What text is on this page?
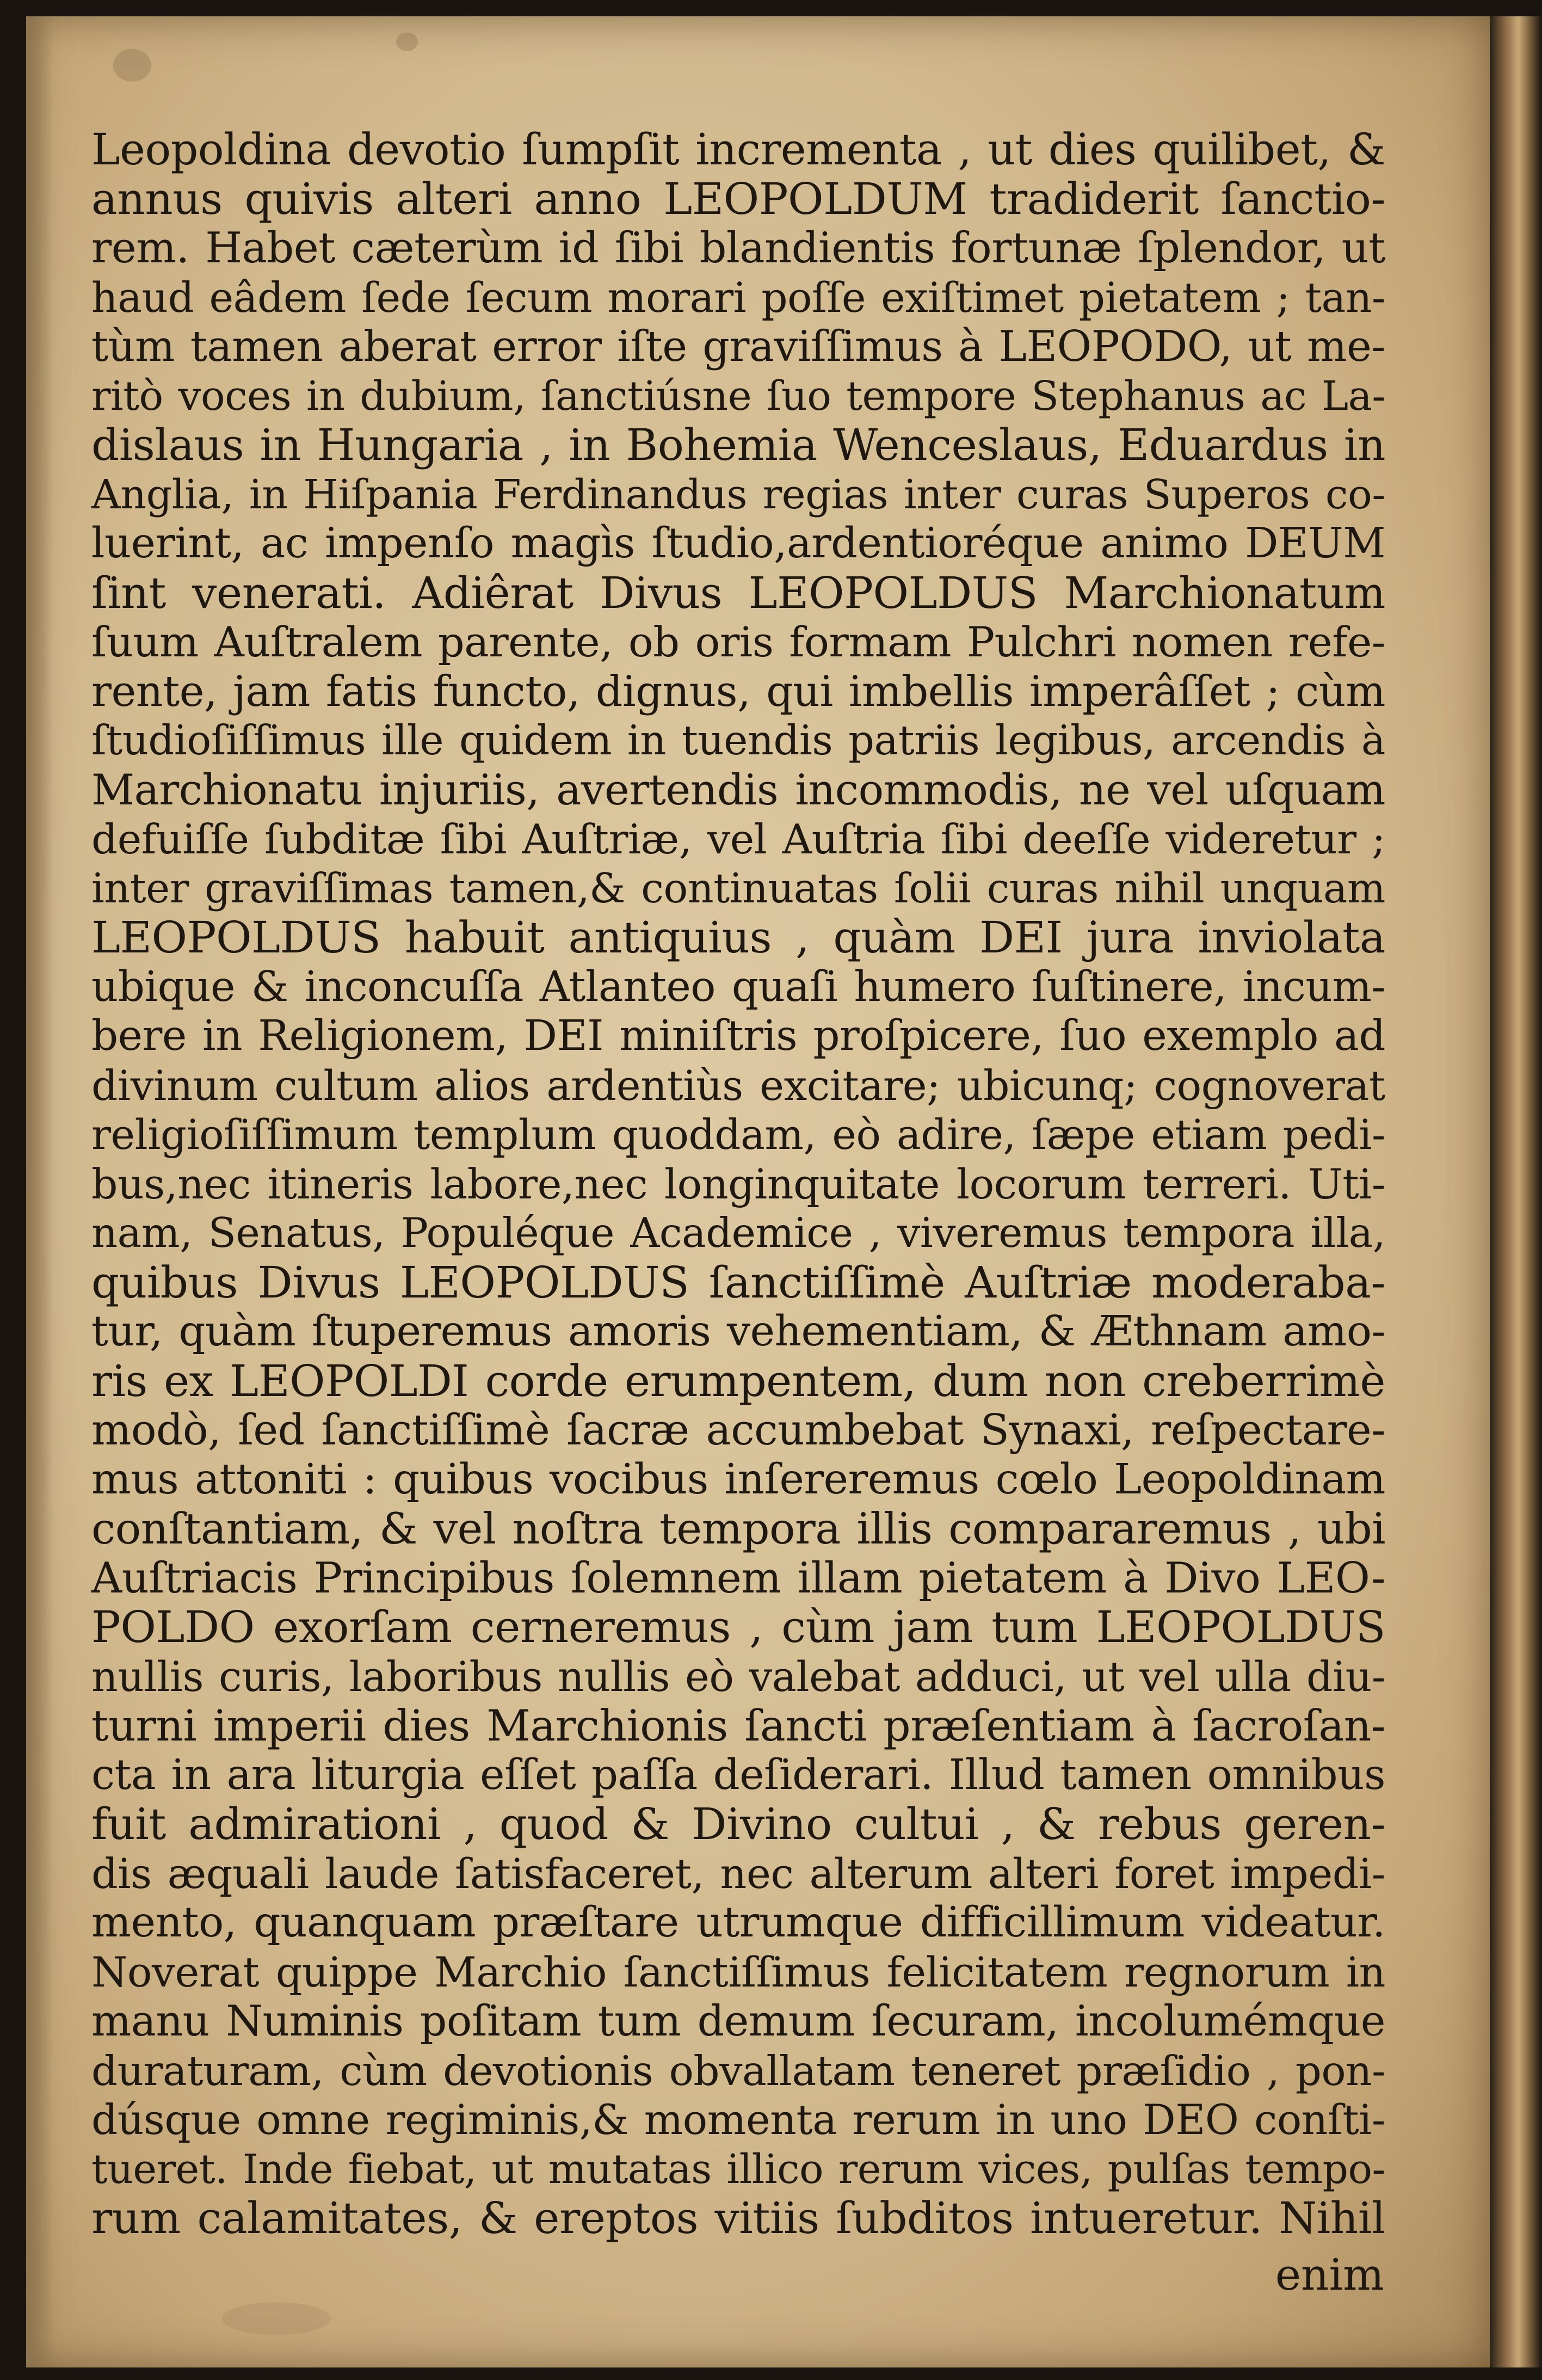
Leopoldina devotio ſumpſit incrementa , ut dies quilibet, &
annus quivis alteri anno LEOPOLDUM tradiderit ſanctio-
rem. Habet cæterùm id ſibi blandientis fortunæ ſplendor, ut
haud eâdem ſede ſecum morari poſſe exiſtimet pietatem ; tan-
tùm tamen aberat error iſte graviſſimus à LEOPODO, ut me-
ritò voces in dubium, ſanctiúsne ſuo tempore Stephanus ac La-
dislaus in Hungaria , in Bohemia Wenceslaus, Eduardus in
Anglia, in Hiſpania Ferdinandus regias inter curas Superos co-
luerint, ac impenſo magìs ſtudio,ardentioréque animo DEUM
ſint venerati. Adiêrat Divus LEOPOLDUS Marchionatum
ſuum Auſtralem parente, ob oris formam Pulchri nomen refe-
rente, jam fatis functo, dignus, qui imbellis imperâſſet ; cùm
ſtudioſiſſimus ille quidem in tuendis patriis legibus, arcendis à
Marchionatu injuriis, avertendis incommodis, ne vel uſquam
defuiſſe ſubditæ ſibi Auſtriæ, vel Auſtria ſibi deeſſe videretur ;
inter graviſſimas tamen,& continuatas ſolii curas nihil unquam
LEOPOLDUS habuit antiquius , quàm DEI jura inviolata
ubique & inconcuſſa Atlanteo quaſi humero ſuſtinere, incum-
bere in Religionem, DEI miniſtris proſpicere, ſuo exemplo ad
divinum cultum alios ardentiùs excitare; ubicunq; cognoverat
religioſiſſimum templum quoddam, eò adire, ſæpe etiam pedi-
bus,nec itineris labore,nec longinquitate locorum terreri. Uti-
nam, Senatus, Populéque Academice , viveremus tempora illa,
quibus Divus LEOPOLDUS ſanctiſſimè Auſtriæ moderaba-
tur, quàm ſtuperemus amoris vehementiam, & Æthnam amo-
ris ex LEOPOLDI corde erumpentem, dum non creberrimè
modò, ſed ſanctiſſimè ſacræ accumbebat Synaxi, reſpectare-
mus attoniti : quibus vocibus inſereremus cœlo Leopoldinam
conſtantiam, & vel noſtra tempora illis compararemus , ubi
Auſtriacis Principibus ſolemnem illam pietatem à Divo LEO-
POLDO exorſam cerneremus , cùm jam tum LEOPOLDUS
nullis curis, laboribus nullis eò valebat adduci, ut vel ulla diu-
turni imperii dies Marchionis ſancti præſentiam à ſacroſan-
cta in ara liturgia eſſet paſſa deſiderari. Illud tamen omnibus
fuit admirationi , quod & Divino cultui , & rebus geren-
dis æquali laude ſatisfaceret, nec alterum alteri foret impedi-
mento, quanquam præſtare utrumque difficillimum videatur.
Noverat quippe Marchio ſanctiſſimus felicitatem regnorum in
manu Numinis poſitam tum demum ſecuram, incolumémque
duraturam, cùm devotionis obvallatam teneret præſidio , pon-
dúsque omne regiminis,& momenta rerum in uno DEO conſti-
tueret. Inde fiebat, ut mutatas illico rerum vices, pulſas tempo-
rum calamitates, & ereptos vitiis ſubditos intueretur. Nihil
enim
